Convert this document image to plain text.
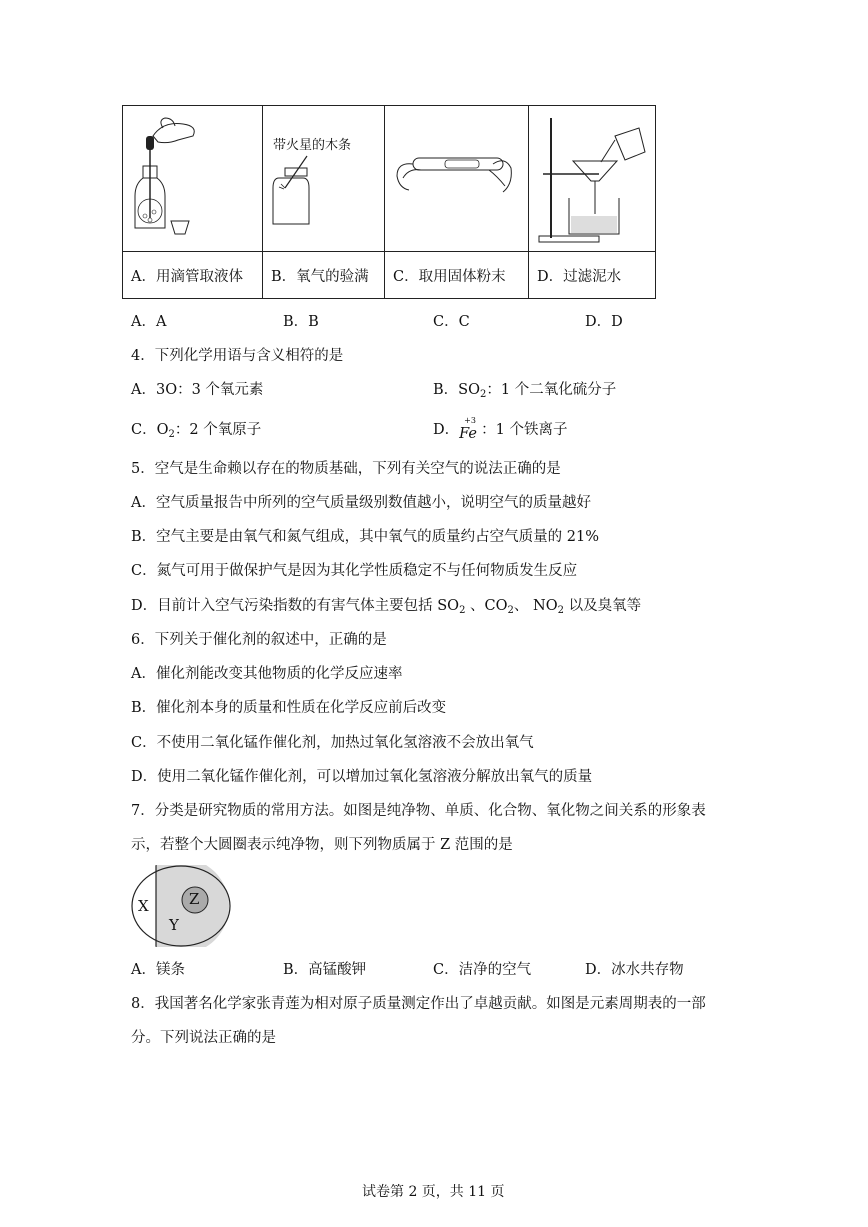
带火星的木条

A．用滴管取液体	B．氧气的验满	C．取用固体粉末	D．过滤泥水
A．A	B．B	C．C	D．D
4．下列化学用语与含义相符的是
A．3O：3 个氧元素	B．$SO_2$：1 个二氧化硫分子
C．$O_2$：2 个氧原子	D．
+3
Fe ：1 个铁离子
5．空气是生命赖以存在的物质基础，下列有关空气的说法正确的是
A．空气质量报告中所列的空气质量级别数值越小，说明空气的质量越好
B．空气主要是由氧气和氮气组成，其中氧气的质量约占空气质量的 21%
C．氮气可用于做保护气是因为其化学性质稳定不与任何物质发生反应
D．目前计入空气污染指数的有害气体主要包括 $SO_2$ 、$CO_2$、 $NO_2$ 以及臭氧等
6．下列关于催化剂的叙述中，正确的是
A．催化剂能改变其他物质的化学反应速率
B．催化剂本身的质量和性质在化学反应前后改变
C．不使用二氧化锰作催化剂，加热过氧化氢溶液不会放出氧气
D．使用二氧化锰作催化剂，可以增加过氧化氢溶液分解放出氧气的质量
7．分类是研究物质的常用方法。如图是纯净物、单质、化合物、氧化物之间关系的形象表
示，若整个大圆圈表示纯净物，则下列物质属于 Z 范围的是
X
Y
Z
A．镁条	B．高锰酸钾	C．洁净的空气	D．冰水共存物
8．我国著名化学家张青莲为相对原子质量测定作出了卓越贡献。如图是元素周期表的一部
分。下列说法正确的是
试卷第 2 页，共 11 页
